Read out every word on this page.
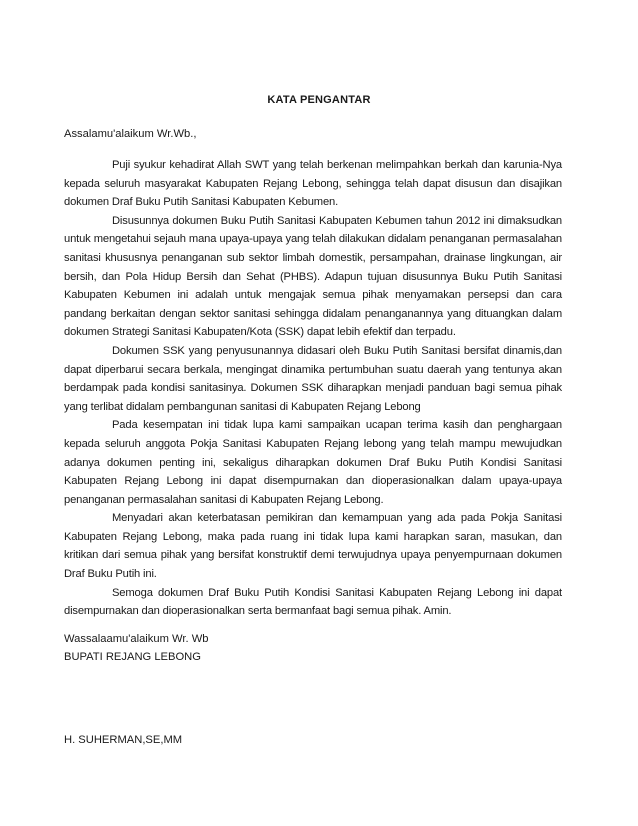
KATA PENGANTAR
Assalamu'alaikum Wr.Wb.,

Puji syukur kehadirat Allah SWT yang telah berkenan melimpahkan berkah dan karunia-Nya kepada seluruh masyarakat Kabupaten Rejang Lebong, sehingga telah dapat disusun dan disajikan dokumen Draf Buku Putih Sanitasi Kabupaten Kebumen.

Disusunnya dokumen Buku Putih Sanitasi Kabupaten Kebumen tahun 2012 ini dimaksudkan untuk mengetahui sejauh mana upaya-upaya yang telah dilakukan didalam penanganan permasalahan sanitasi khususnya penanganan sub sektor limbah domestik, persampahan, drainase lingkungan, air bersih, dan Pola Hidup Bersih dan Sehat (PHBS). Adapun tujuan disusunnya Buku Putih Sanitasi Kabupaten Kebumen ini adalah untuk mengajak semua pihak menyamakan persepsi dan cara pandang berkaitan dengan sektor sanitasi sehingga didalam penanganannya yang dituangkan dalam dokumen Strategi Sanitasi Kabupaten/Kota (SSK) dapat lebih efektif dan terpadu.

Dokumen SSK yang penyusunannya didasari oleh Buku Putih Sanitasi bersifat dinamis,dan dapat diperbarui secara berkala, mengingat dinamika pertumbuhan suatu daerah yang tentunya akan berdampak pada kondisi sanitasinya. Dokumen SSK diharapkan menjadi panduan bagi semua pihak yang terlibat didalam pembangunan sanitasi di Kabupaten Rejang Lebong

Pada kesempatan ini tidak lupa kami sampaikan ucapan terima kasih dan penghargaan kepada seluruh anggota Pokja Sanitasi Kabupaten Rejang lebong yang telah mampu mewujudkan adanya dokumen penting ini, sekaligus diharapkan dokumen Draf Buku Putih Kondisi Sanitasi Kabupaten Rejang Lebong ini dapat disempurnakan dan dioperasionalkan dalam upaya-upaya penanganan permasalahan sanitasi di Kabupaten Rejang Lebong.

Menyadari akan keterbatasan pemikiran dan kemampuan yang ada pada Pokja Sanitasi Kabupaten Rejang Lebong, maka pada ruang ini tidak lupa kami harapkan saran, masukan, dan kritikan dari semua pihak yang bersifat konstruktif demi terwujudnya upaya penyempurnaan dokumen Draf Buku Putih ini.

Semoga dokumen Draf Buku Putih Kondisi Sanitasi Kabupaten Rejang Lebong ini dapat disempurnakan dan dioperasionalkan serta bermanfaat bagi semua pihak. Amin.

Wassalaamu'alaikum Wr. Wb
BUPATI REJANG LEBONG
H. SUHERMAN,SE,MM
